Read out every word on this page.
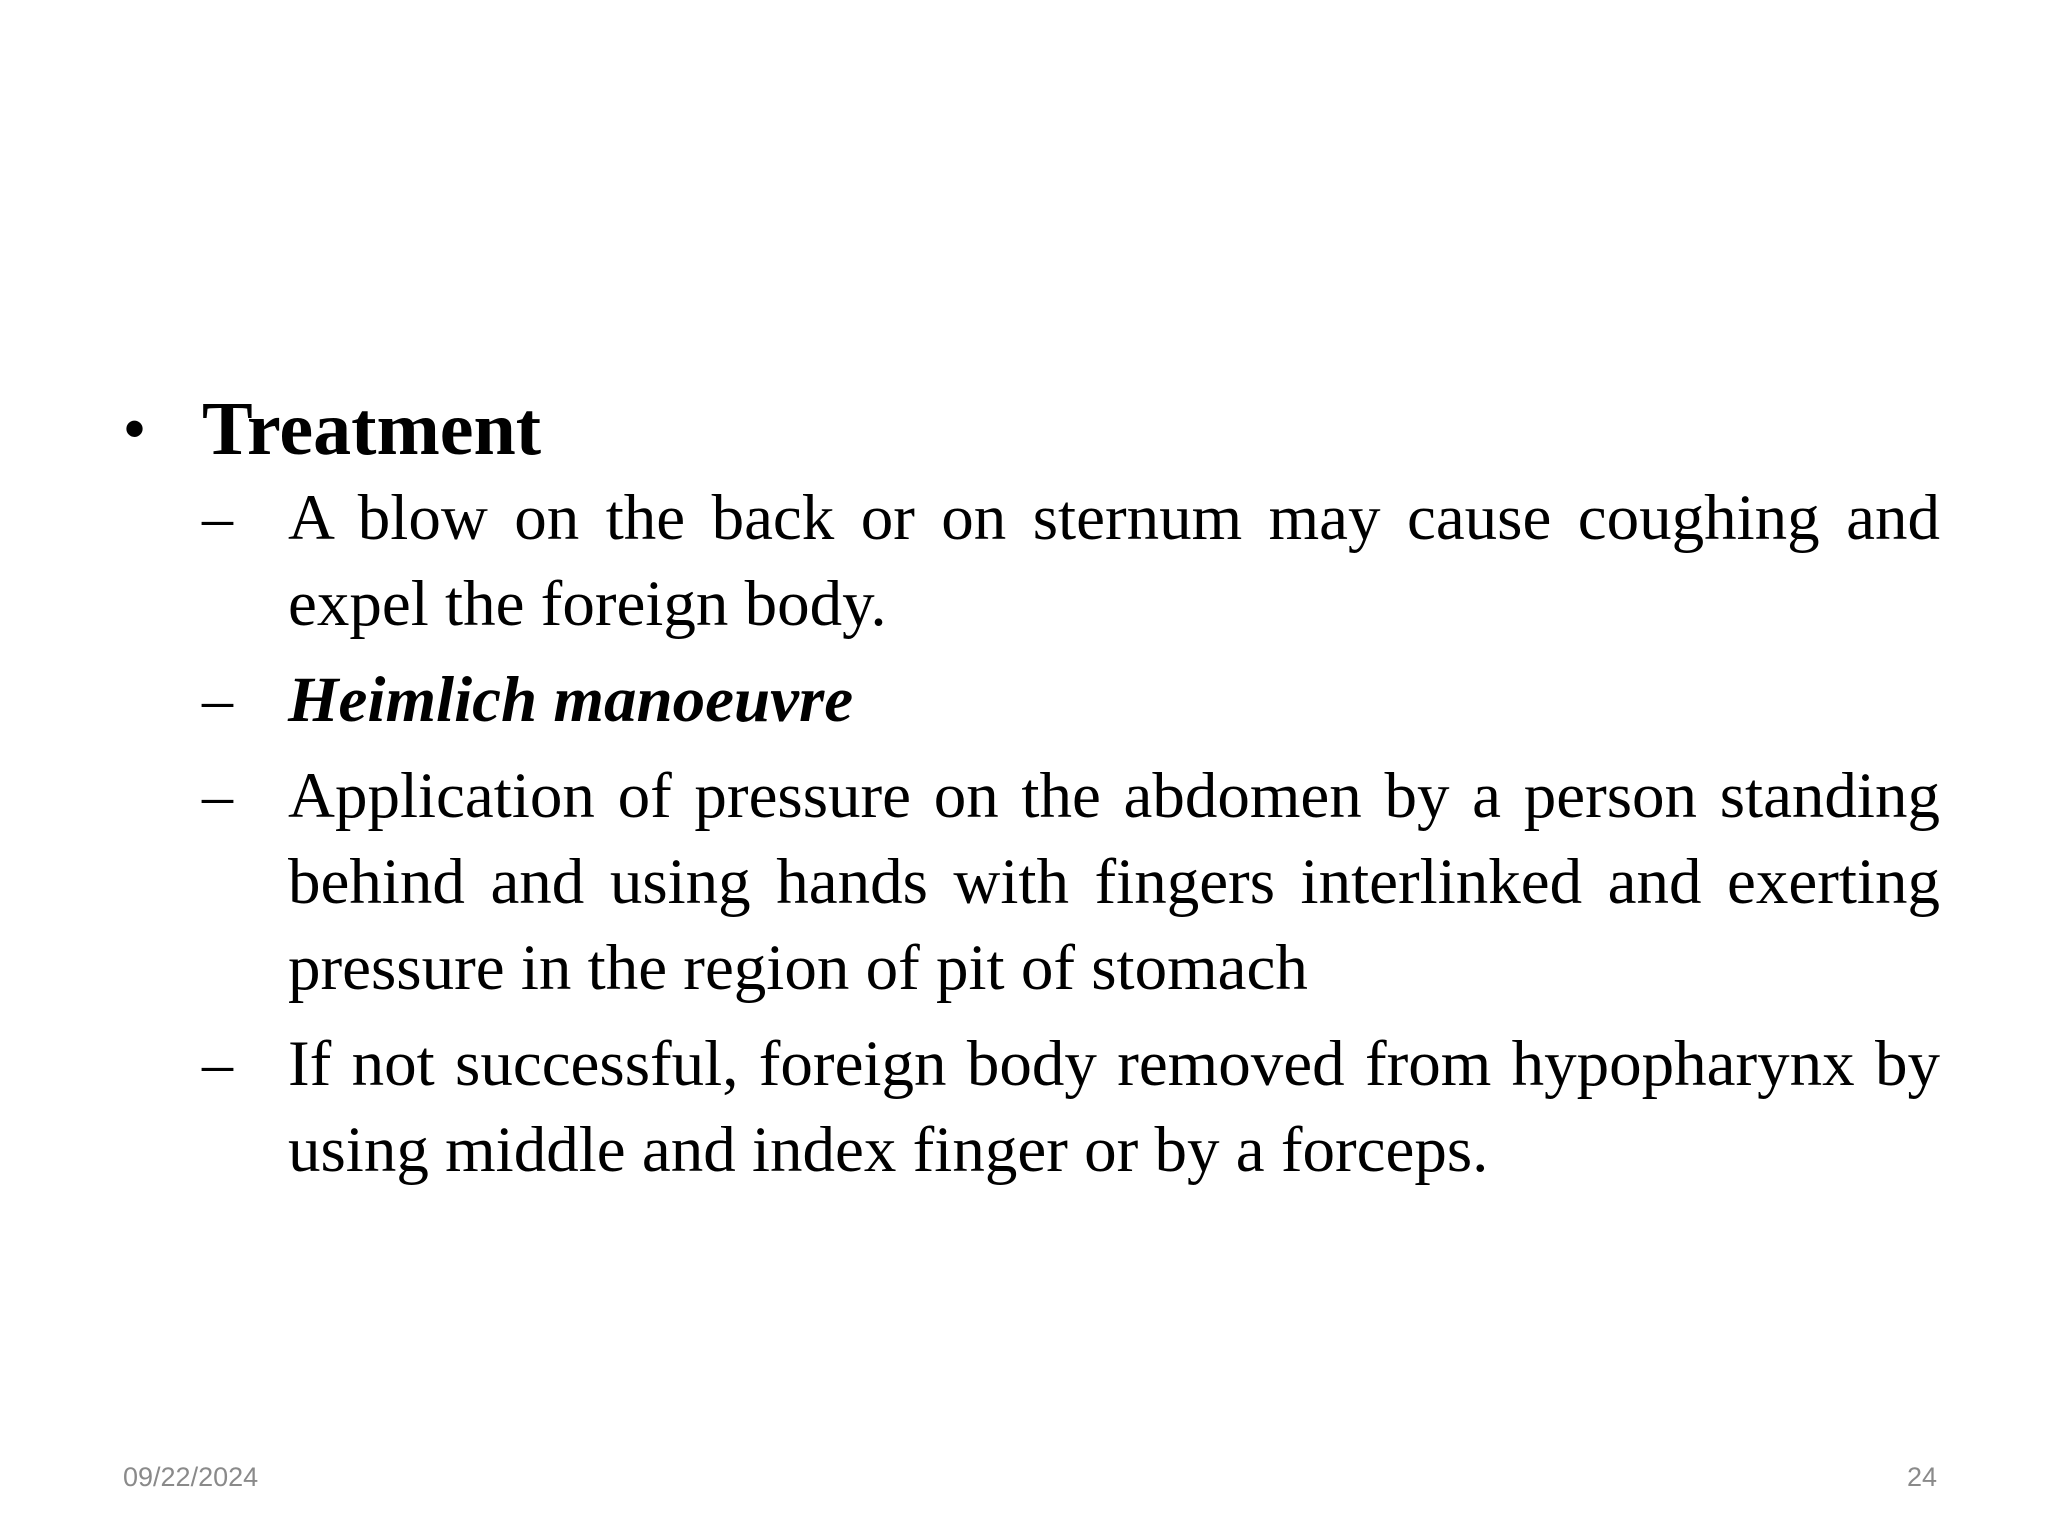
• Treatment
– A blow on the back or on sternum may cause coughing and expel the foreign body.
– Heimlich manoeuvre
– Application of pressure on the abdomen by a person standing behind and using hands with fingers interlinked and exerting pressure in the region of pit of stomach
– If not successful, foreign body removed from hypopharynx by using middle and index finger or by a forceps.
09/22/2024	24
